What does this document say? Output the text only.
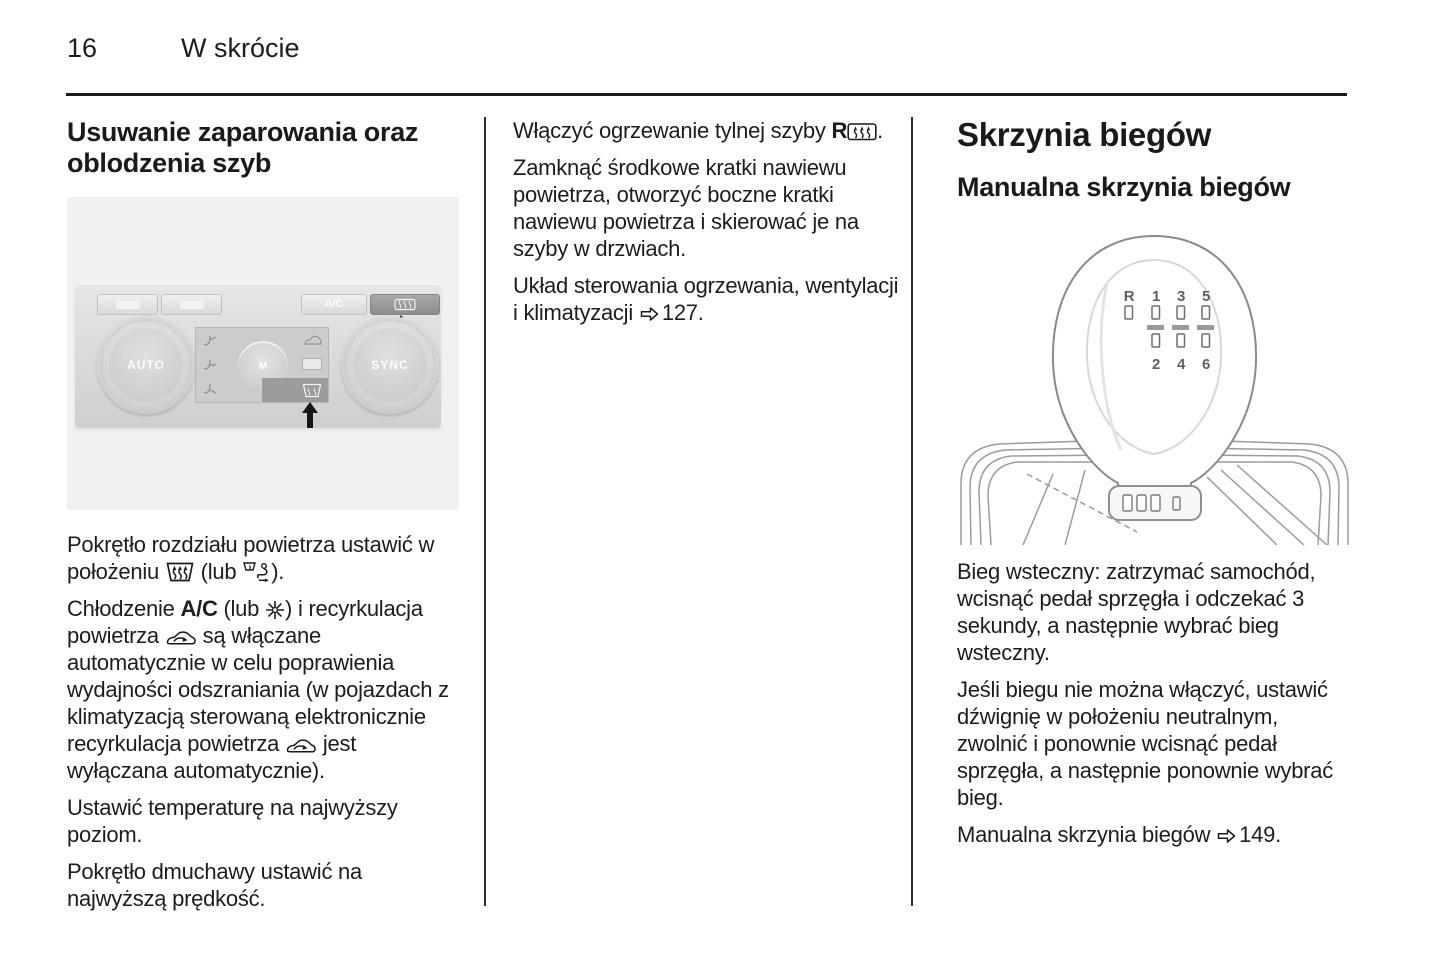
16	W skrócie
Usuwanie zaparowania oraz oblodzenia szyb
A/C
AUTO	SYNC
M

Pokrętło rozdziału powietrza ustawić w położeniu  (lub ).

Chłodzenie A/C (lub ) i recyrkulacja powietrza  są włączane automatycznie w celu poprawienia wydajności odszraniania (w pojazdach z klimatyzacją sterowaną elektronicznie recyrkulacja powietrza  jest wyłączana automatycznie).

Ustawić temperaturę na najwyższy poziom.

Pokrętło dmuchawy ustawić na najwyższą prędkość.

Włączyć ogrzewanie tylnej szyby R .

Zamknąć środkowe kratki nawiewu powietrza, otworzyć boczne kratki nawiewu powietrza i skierować je na szyby w drzwiach.

Układ sterowania ogrzewania, wentylacji i klimatyzacji 127.

Skrzynia biegów
Manualna skrzynia biegów
R 1 3 5
2 4 6

Bieg wsteczny: zatrzymać samochód, wcisnąć pedał sprzęgła i odczekać 3 sekundy, a następnie wybrać bieg wsteczny.

Jeśli biegu nie można włączyć, ustawić dźwignię w położeniu neutralnym, zwolnić i ponownie wcisnąć pedał sprzęgła, a następnie ponownie wybrać bieg.

Manualna skrzynia biegów 149.
